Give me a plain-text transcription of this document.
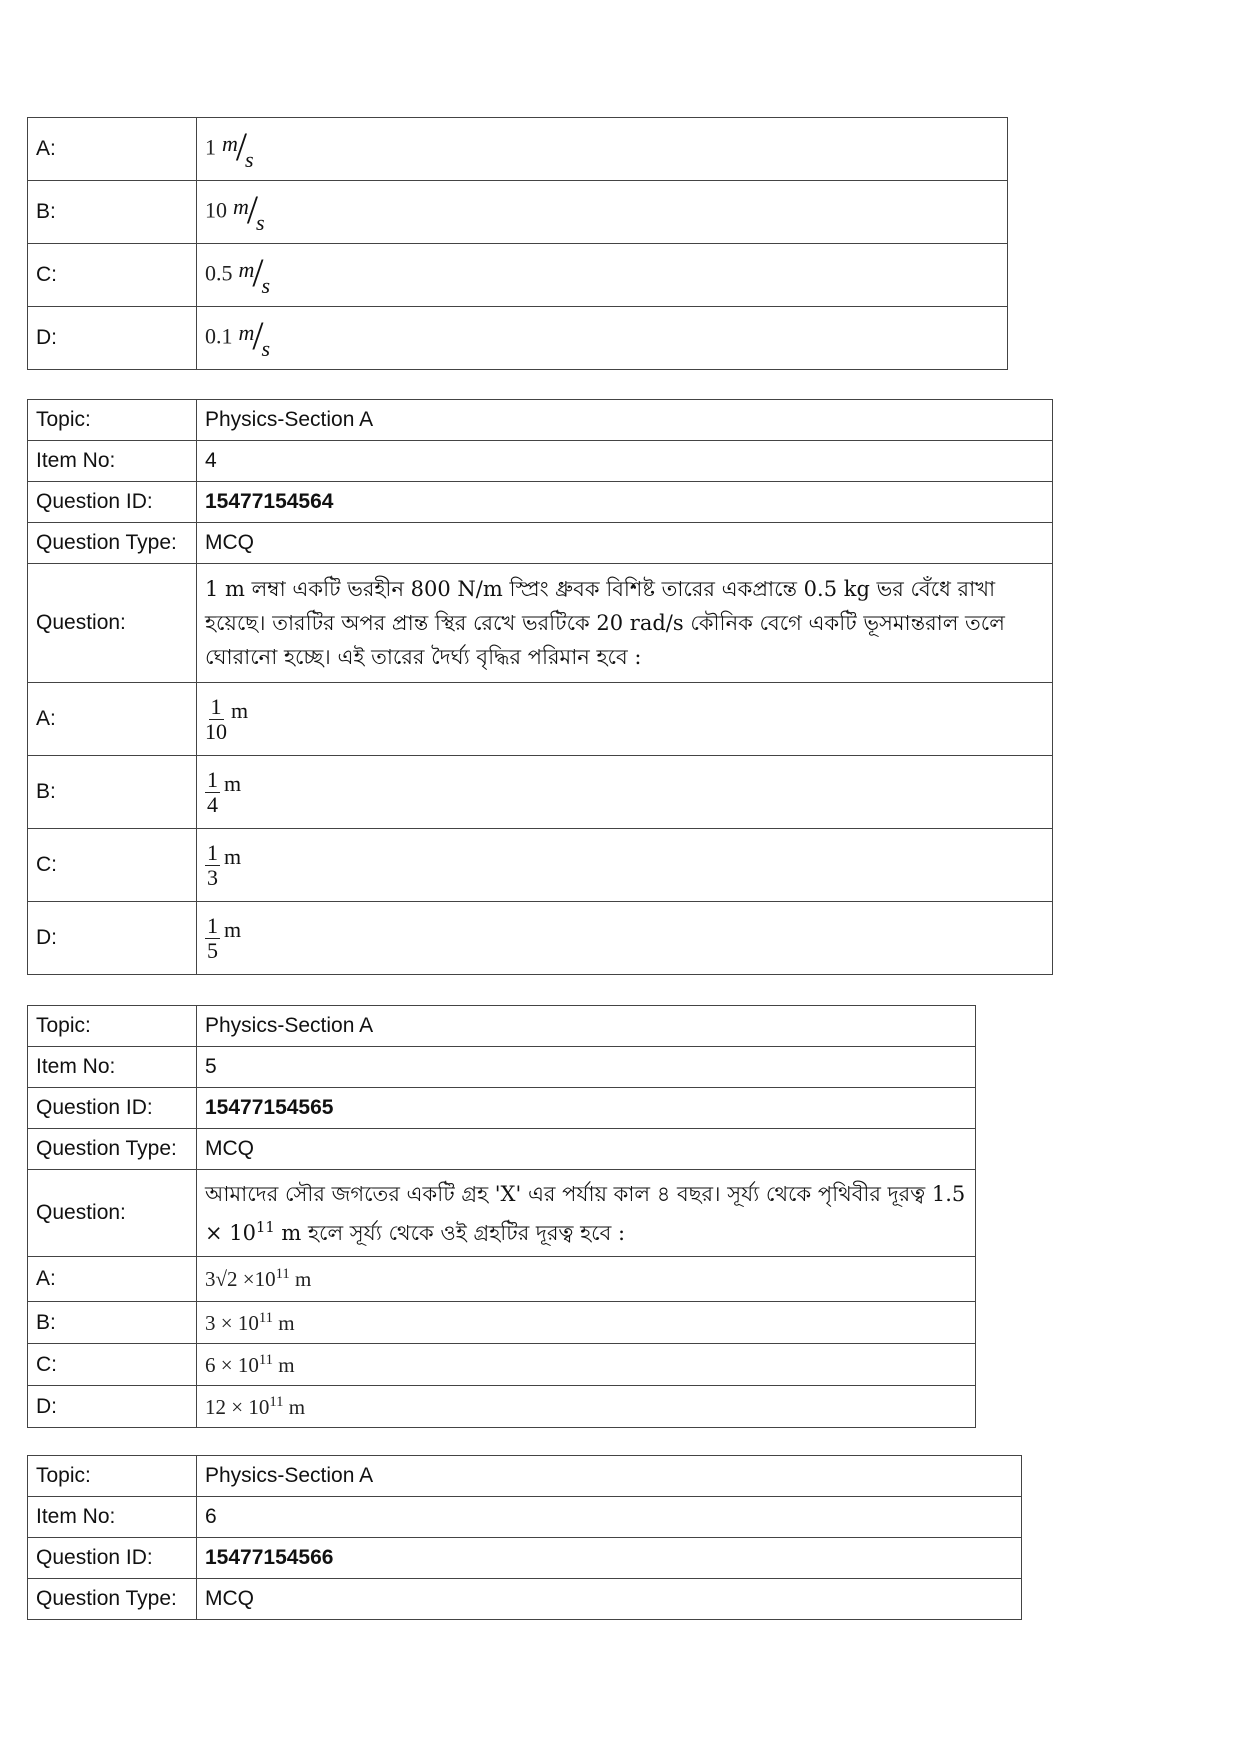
A:	1 m
/
s

B:	10 m
/
s

C:	0.5 m
/
s

D:	0.1 m
/
s
Topic:	Physics-Section A
Item No:	4
Question ID:	15477154564
Question Type:	MCQ
Question:	1 m লম্বা একটি ভরহীন 800 N/m স্প্রিং ধ্রুবক বিশিষ্ট তারের একপ্রান্তে 0.5 kg ভর বেঁধে রাখা হয়েছে। তারটির অপর প্রান্ত স্থির রেখে ভরটিকে 20 rad/s কৌনিক বেগে একটি ভূসমান্তরাল তলে ঘোরানো হচ্ছে। এই তারের দৈর্ঘ্য বৃদ্ধির পরিমান হবে :
A:	$\frac{1}{10}$ m

B:	$\frac{1}{4}$ m

C:	$\frac{1}{3}$ m

D:	$\frac{1}{5}$ m
Topic:	Physics-Section A
Item No:	5
Question ID:	15477154565
Question Type:	MCQ
Question:	আমাদের সৌর জগতের একটি গ্রহ 'X' এর পর্যায় কাল ৪ বছর। সূর্য্য থেকে পৃথিবীর দূরত্ব $1.5 \times 10^{11}$ m হলে সূর্য্য থেকে ওই গ্রহটির দূরত্ব হবে :
A:	$3√2 \times 10^{11}$ m
B:	$3 \times 10^{11}$ m
C:	$6 \times 10^{11}$ m
D:	$12 \times 10^{11}$ m
Topic:	Physics-Section A
Item No:	6
Question ID:	15477154566
Question Type:	MCQ
